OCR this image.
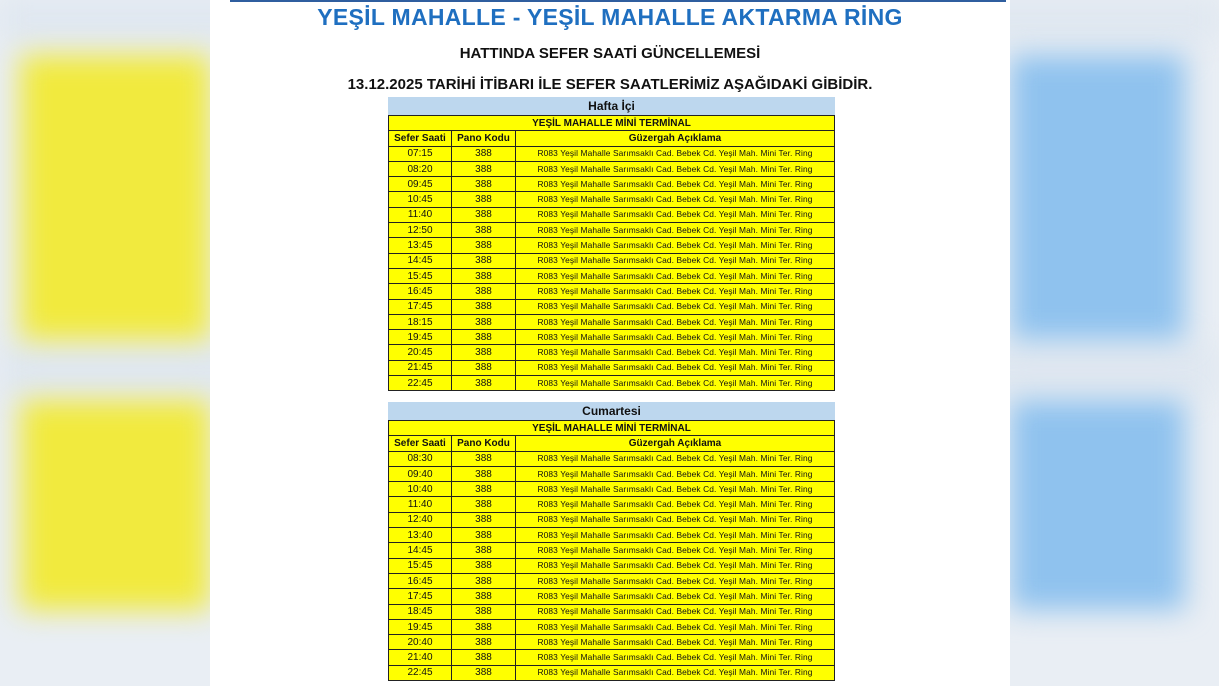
YEŞİL MAHALLE - YEŞİL MAHALLE AKTARMA RİNG
HATTINDA SEFER SAATİ GÜNCELLEMESİ
13.12.2025 TARİHİ İTİBARI İLE SEFER SAATLERİMİZ AŞAĞIDAKİ GİBİDİR.
Hafta İçi
YEŞİL MAHALLE MİNİ TERMİNAL		
Sefer Saati	Pano Kodu	Güzergah Açıklama
07:15	388	R083 Yeşil Mahalle Sarımsaklı Cad. Bebek Cd. Yeşil Mah. Mini Ter. Ring
08:20	388	R083 Yeşil Mahalle Sarımsaklı Cad. Bebek Cd. Yeşil Mah. Mini Ter. Ring
09:45	388	R083 Yeşil Mahalle Sarımsaklı Cad. Bebek Cd. Yeşil Mah. Mini Ter. Ring
10:45	388	R083 Yeşil Mahalle Sarımsaklı Cad. Bebek Cd. Yeşil Mah. Mini Ter. Ring
11:40	388	R083 Yeşil Mahalle Sarımsaklı Cad. Bebek Cd. Yeşil Mah. Mini Ter. Ring
12:50	388	R083 Yeşil Mahalle Sarımsaklı Cad. Bebek Cd. Yeşil Mah. Mini Ter. Ring
13:45	388	R083 Yeşil Mahalle Sarımsaklı Cad. Bebek Cd. Yeşil Mah. Mini Ter. Ring
14:45	388	R083 Yeşil Mahalle Sarımsaklı Cad. Bebek Cd. Yeşil Mah. Mini Ter. Ring
15:45	388	R083 Yeşil Mahalle Sarımsaklı Cad. Bebek Cd. Yeşil Mah. Mini Ter. Ring
16:45	388	R083 Yeşil Mahalle Sarımsaklı Cad. Bebek Cd. Yeşil Mah. Mini Ter. Ring
17:45	388	R083 Yeşil Mahalle Sarımsaklı Cad. Bebek Cd. Yeşil Mah. Mini Ter. Ring
18:15	388	R083 Yeşil Mahalle Sarımsaklı Cad. Bebek Cd. Yeşil Mah. Mini Ter. Ring
19:45	388	R083 Yeşil Mahalle Sarımsaklı Cad. Bebek Cd. Yeşil Mah. Mini Ter. Ring
20:45	388	R083 Yeşil Mahalle Sarımsaklı Cad. Bebek Cd. Yeşil Mah. Mini Ter. Ring
21:45	388	R083 Yeşil Mahalle Sarımsaklı Cad. Bebek Cd. Yeşil Mah. Mini Ter. Ring
22:45	388	R083 Yeşil Mahalle Sarımsaklı Cad. Bebek Cd. Yeşil Mah. Mini Ter. Ring
Cumartesi
YEŞİL MAHALLE MİNİ TERMİNAL		
Sefer Saati	Pano Kodu	Güzergah Açıklama
08:30	388	R083 Yeşil Mahalle Sarımsaklı Cad. Bebek Cd. Yeşil Mah. Mini Ter. Ring
09:40	388	R083 Yeşil Mahalle Sarımsaklı Cad. Bebek Cd. Yeşil Mah. Mini Ter. Ring
10:40	388	R083 Yeşil Mahalle Sarımsaklı Cad. Bebek Cd. Yeşil Mah. Mini Ter. Ring
11:40	388	R083 Yeşil Mahalle Sarımsaklı Cad. Bebek Cd. Yeşil Mah. Mini Ter. Ring
12:40	388	R083 Yeşil Mahalle Sarımsaklı Cad. Bebek Cd. Yeşil Mah. Mini Ter. Ring
13:40	388	R083 Yeşil Mahalle Sarımsaklı Cad. Bebek Cd. Yeşil Mah. Mini Ter. Ring
14:45	388	R083 Yeşil Mahalle Sarımsaklı Cad. Bebek Cd. Yeşil Mah. Mini Ter. Ring
15:45	388	R083 Yeşil Mahalle Sarımsaklı Cad. Bebek Cd. Yeşil Mah. Mini Ter. Ring
16:45	388	R083 Yeşil Mahalle Sarımsaklı Cad. Bebek Cd. Yeşil Mah. Mini Ter. Ring
17:45	388	R083 Yeşil Mahalle Sarımsaklı Cad. Bebek Cd. Yeşil Mah. Mini Ter. Ring
18:45	388	R083 Yeşil Mahalle Sarımsaklı Cad. Bebek Cd. Yeşil Mah. Mini Ter. Ring
19:45	388	R083 Yeşil Mahalle Sarımsaklı Cad. Bebek Cd. Yeşil Mah. Mini Ter. Ring
20:40	388	R083 Yeşil Mahalle Sarımsaklı Cad. Bebek Cd. Yeşil Mah. Mini Ter. Ring
21:40	388	R083 Yeşil Mahalle Sarımsaklı Cad. Bebek Cd. Yeşil Mah. Mini Ter. Ring
22:45	388	R083 Yeşil Mahalle Sarımsaklı Cad. Bebek Cd. Yeşil Mah. Mini Ter. Ring
